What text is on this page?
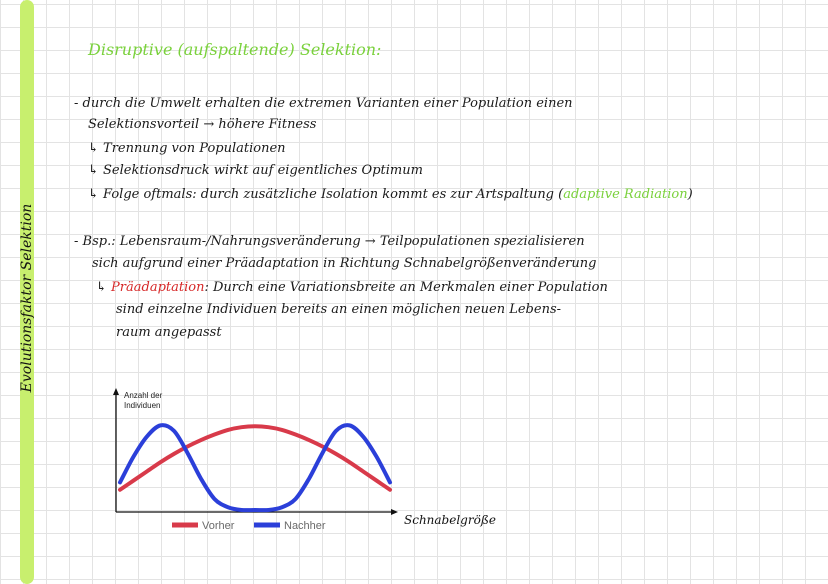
Evolutionsfaktor Selektion
Disruptive (aufspaltende) Selektion:
- durch die Umwelt erhalten die extremen Varianten einer Population einen
Selektionsvorteil → höhere Fitness
↳ Trennung von Populationen
↳ Selektionsdruck wirkt auf eigentliches Optimum
↳ Folge oftmals: durch zusätzliche Isolation kommt es zur Artspaltung (adaptive Radiation)
- Bsp.: Lebensraum-/Nahrungsveränderung → Teilpopulationen spezialisieren
sich aufgrund einer Präadaptation in Richtung Schnabelgrößenveränderung
↳ Präadaptation: Durch eine Variationsbreite an Merkmalen einer Population
sind einzelne Individuen bereits an einen möglichen neuen Lebens-
raum angepasst
Anzahl der
Individuen
Schnabelgröße
Vorher	Nachher
